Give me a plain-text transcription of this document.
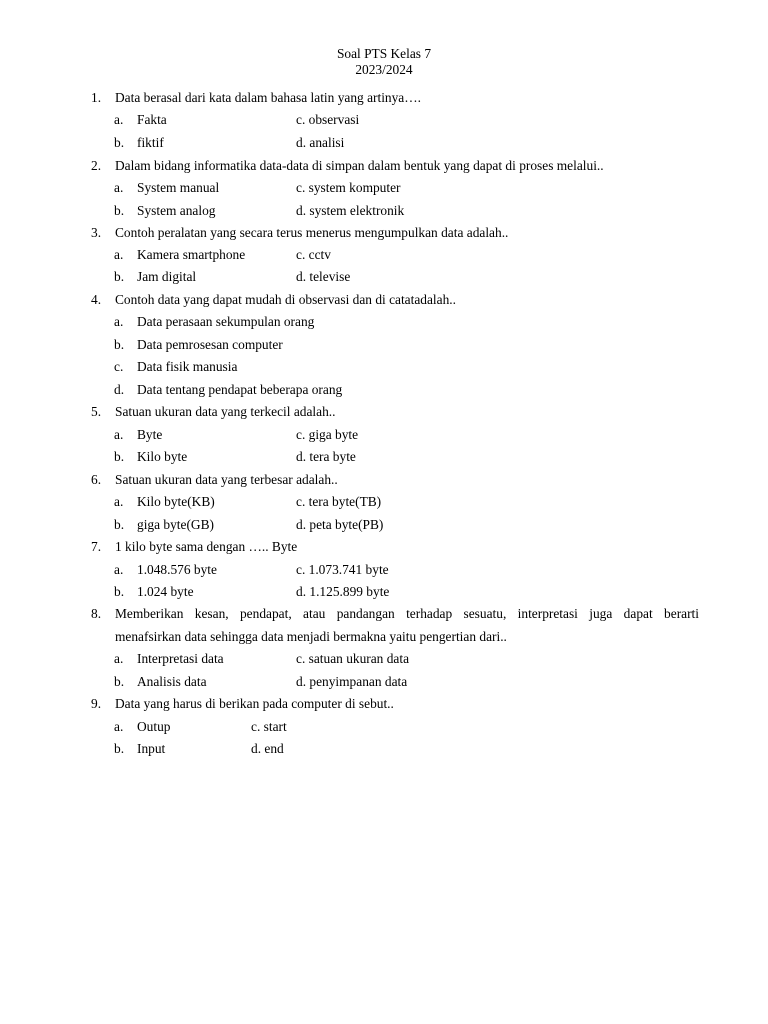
Soal PTS Kelas 7
2023/2024
1. Data berasal dari kata dalam bahasa latin yang artinya….
a. Fakta	c. observasi
b. fiktif	d. analisi
2. Dalam bidang informatika data-data di simpan dalam bentuk yang dapat di proses melalui..
a. System manual	c. system komputer
b. System analog	d. system elektronik
3. Contoh peralatan yang secara terus menerus mengumpulkan data adalah..
a. Kamera smartphone	c. cctv
b. Jam digital	d. televise
4. Contoh data yang dapat mudah di observasi dan di catatadalah..
a. Data perasaan sekumpulan orang
b. Data pemrosesan computer
c. Data fisik manusia
d. Data tentang pendapat beberapa orang
5. Satuan ukuran data yang terkecil adalah..
a. Byte	c. giga byte
b. Kilo byte	d. tera byte
6. Satuan ukuran data yang terbesar adalah..
a. Kilo byte(KB)	c. tera byte(TB)
b. giga byte(GB)	d. peta byte(PB)
7. 1 kilo byte sama dengan ….. Byte
a. 1.048.576 byte	c. 1.073.741 byte
b. 1.024 byte	d. 1.125.899 byte
8. Memberikan kesan, pendapat, atau pandangan terhadap sesuatu, interpretasi juga dapat berarti
menafsirkan data sehingga data menjadi bermakna yaitu pengertian dari..
a. Interpretasi data	c. satuan ukuran data
b. Analisis data	d. penyimpanan data
9. Data yang harus di berikan pada computer di sebut..
a. Outup	c. start
b. Input	d. end
